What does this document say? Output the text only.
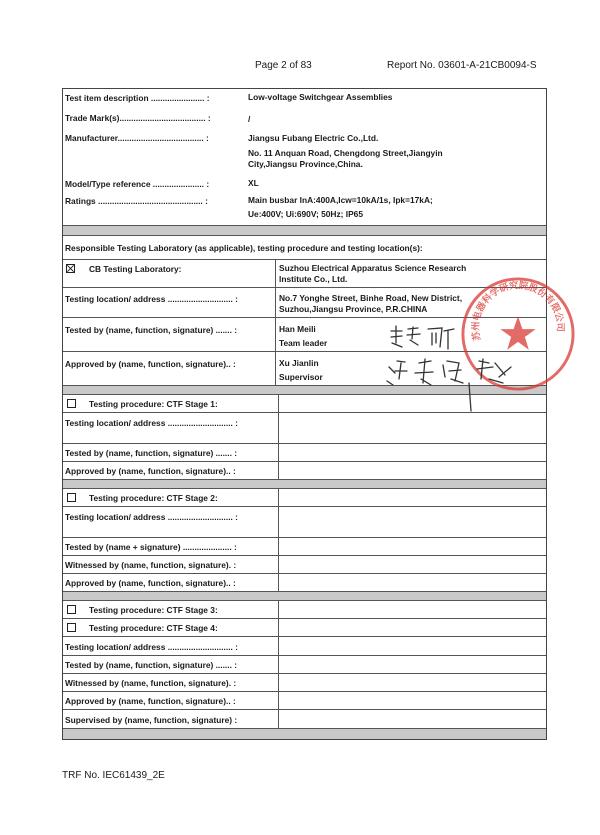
Page 2 of 83	Report No. 03601-A-21CB0094-S
Test item description ....................... :	Low-voltage Switchgear Assemblies
Trade Mark(s)..................................... :	/
Manufacturer..................................... :	Jiangsu Fubang Electric Co.,Ltd.
No. 11 Anquan Road, Chengdong Street,Jiangyin
City,Jiangsu Province,China.
Model/Type reference ...................... :	XL
Ratings ............................................. :	Main busbar InA:400A,Icw=10kA/1s, Ipk=17kA;
Ue:400V; Ui:690V; 50Hz; IP65
Responsible Testing Laboratory (as applicable), testing procedure and testing location(s):
CB Testing Laboratory:	Suzhou Electrical Apparatus Science Research
Institute Co., Ltd.
Testing location/ address ............................ :	No.7 Yonghe Street, Binhe Road, New District,
Suzhou,Jiangsu Province, P.R.CHINA
Tested by (name, function, signature) ....... :	Han Meili
Team leader
Approved by (name, function, signature).. :	Xu Jianlin
Supervisor
Testing procedure: CTF Stage 1:
Testing location/ address ............................ :
Tested by (name, function, signature) ....... :
Approved by (name, function, signature).. :
Testing procedure: CTF Stage 2:
Testing location/ address ............................ :
Tested by (name + signature) ..................... :
Witnessed by (name, function, signature). :
Approved by (name, function, signature).. :
Testing procedure: CTF Stage 3:
Testing procedure: CTF Stage 4:
Testing location/ address ............................ :
Tested by (name, function, signature) ....... :
Witnessed by (name, function, signature). :
Approved by (name, function, signature).. :
Supervised by (name, function, signature) :
苏州电器科学研究院股份有限公司
TRF No. IEC61439_2E
